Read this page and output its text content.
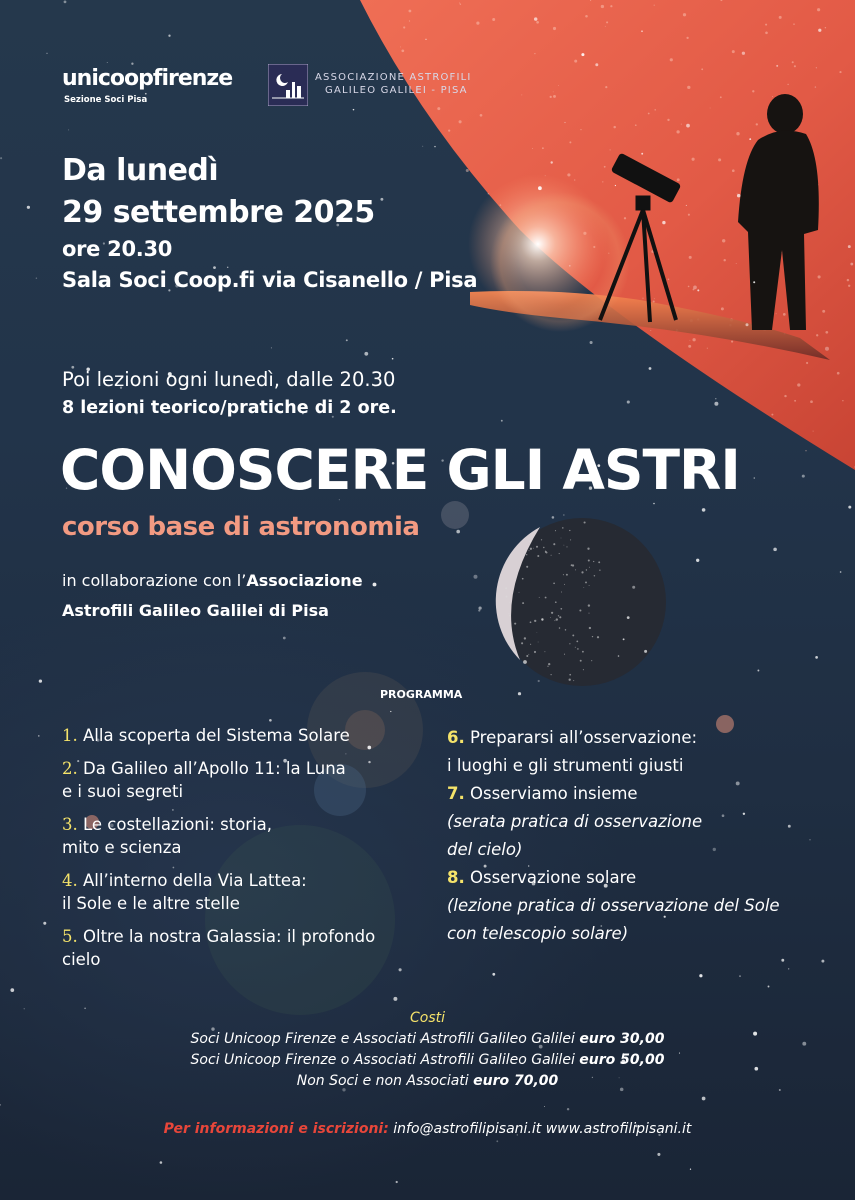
unicoopfirenze
Sezione Soci Pisa
ASSOCIAZIONE ASTROFILI
GALILEO GALILEI - PISA
Da lunedì
29 settembre 2025
ore 20.30
Sala Soci Coop.fi via Cisanello / Pisa
Poi lezioni ogni lunedì, dalle 20.30
8 lezioni teorico/pratiche di 2 ore.
CONOSCERE GLI ASTRI
corso base di astronomia
in collaborazione con l’Associazione
Astrofili Galileo Galilei di Pisa
PROGRAMMA
1. Alla scoperta del Sistema Solare
2. Da Galileo all’Apollo 11: la Luna
e i suoi segreti
3. Le costellazioni: storia,
mito e scienza
4. All’interno della Via Lattea:
il Sole e le altre stelle
5. Oltre la nostra Galassia: il profondo
cielo
6. Prepararsi all’osservazione:
i luoghi e gli strumenti giusti
7. Osserviamo insieme
(serata pratica di osservazione
del cielo)
8. Osservazione solare
(lezione pratica di osservazione del Sole
con telescopio solare)
Costi
Soci Unicoop Firenze e Associati Astrofili Galileo Galilei euro 30,00
Soci Unicoop Firenze o Associati Astrofili Galileo Galilei euro 50,00
Non Soci e non Associati euro 70,00
Per informazioni e iscrizioni: info@astrofilipisani.it www.astrofilipisani.it
